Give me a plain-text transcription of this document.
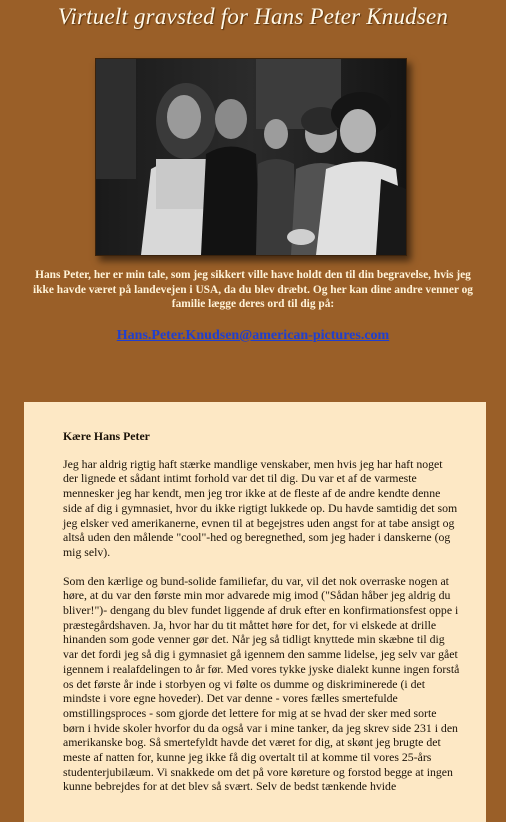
Virtuelt gravsted for Hans Peter Knudsen
Hans Peter, her er min tale, som jeg sikkert ville have holdt den til din begravelse, hvis jeg ikke havde været på landevejen i USA, da du blev dræbt. Og her kan dine andre venner og familie lægge deres ord til dig på:
Hans.Peter.Knudsen@american-pictures.com
Kære Hans Peter
Jeg har aldrig rigtig haft stærke mandlige venskaber, men hvis jeg har haft noget der lignede et sådant intimt forhold var det til dig. Du var et af de varmeste mennesker jeg har kendt, men jeg tror ikke at de fleste af de andre kendte denne side af dig i gymnasiet, hvor du ikke rigtigt lukkede op. Du havde samtidig det som jeg elsker ved amerikanerne, evnen til at begejstres uden angst for at tabe ansigt og altså uden den målende "cool"-hed og beregnethed, som jeg hader i danskerne (og mig selv).
Som den kærlige og bund-solide familiefar, du var, vil det nok overraske nogen at høre, at du var den første min mor advarede mig imod ("Sådan håber jeg aldrig du bliver!")- dengang du blev fundet liggende af druk efter en konfirmationsfest oppe i præstegårdshaven. Ja, hvor har du tit måttet høre for det, for vi elskede at drille hinanden som gode venner gør det. Når jeg så tidligt knyttede min skæbne til dig var det fordi jeg så dig i gymnasiet gå igennem den samme lidelse, jeg selv var gået igennem i realafdelingen to år før. Med vores tykke jyske dialekt kunne ingen forstå os det første år inde i storbyen og vi følte os dumme og diskriminerede (i det mindste i vore egne hoveder). Det var denne - vores fælles smertefulde omstillingsproces - som gjorde det lettere for mig at se hvad der sker med sorte børn i hvide skoler hvorfor du da også var i mine tanker, da jeg skrev side 231 i den amerikanske bog. Så smertefyldt havde det været for dig, at skønt jeg brugte det meste af natten for, kunne jeg ikke få dig overtalt til at komme til vores 25-års studenterjubilæum. Vi snakkede om det på vore køreture og forstod begge at ingen kunne bebrejdes for at det blev så svært. Selv de bedst tænkende hvide
